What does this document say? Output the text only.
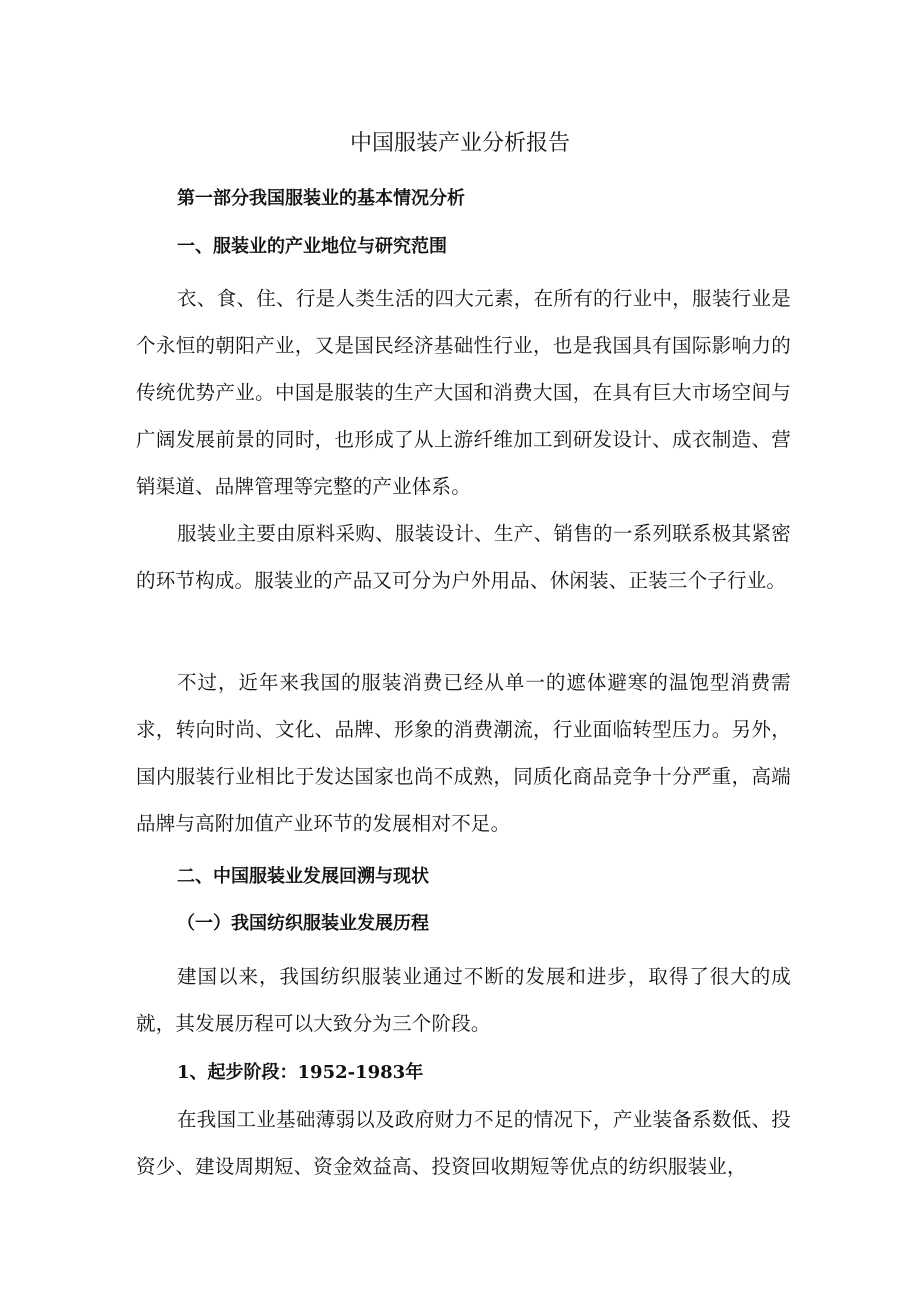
中国服装产业分析报告
第一部分我国服装业的基本情况分析
一、服装业的产业地位与研究范围

衣、食、住、行是人类生活的四大元素，在所有的行业中，服装行业是个永恒的朝阳产业，又是国民经济基础性行业，也是我国具有国际影响力的传统优势产业。中国是服装的生产大国和消费大国，在具有巨大市场空间与广阔发展前景的同时，也形成了从上游纤维加工到研发设计、成衣制造、营销渠道、品牌管理等完整的产业体系。

服装业主要由原料采购、服装设计、生产、销售的一系列联系极其紧密的环节构成。服装业的产品又可分为户外用品、休闲装、正装三个子行业。

不过，近年来我国的服装消费已经从单一的遮体避寒的温饱型消费需求，转向时尚、文化、品牌、形象的消费潮流，行业面临转型压力。另外，国内服装行业相比于发达国家也尚不成熟，同质化商品竞争十分严重，高端品牌与高附加值产业环节的发展相对不足。

二、中国服装业发展回溯与现状
（一）我国纺织服装业发展历程

建国以来，我国纺织服装业通过不断的发展和进步，取得了很大的成就，其发展历程可以大致分为三个阶段。

1、起步阶段：1952-1983年

在我国工业基础薄弱以及政府财力不足的情况下，产业装备系数低、投资少、建设周期短、资金效益高、投资回收期短等优点的纺织服装业，
